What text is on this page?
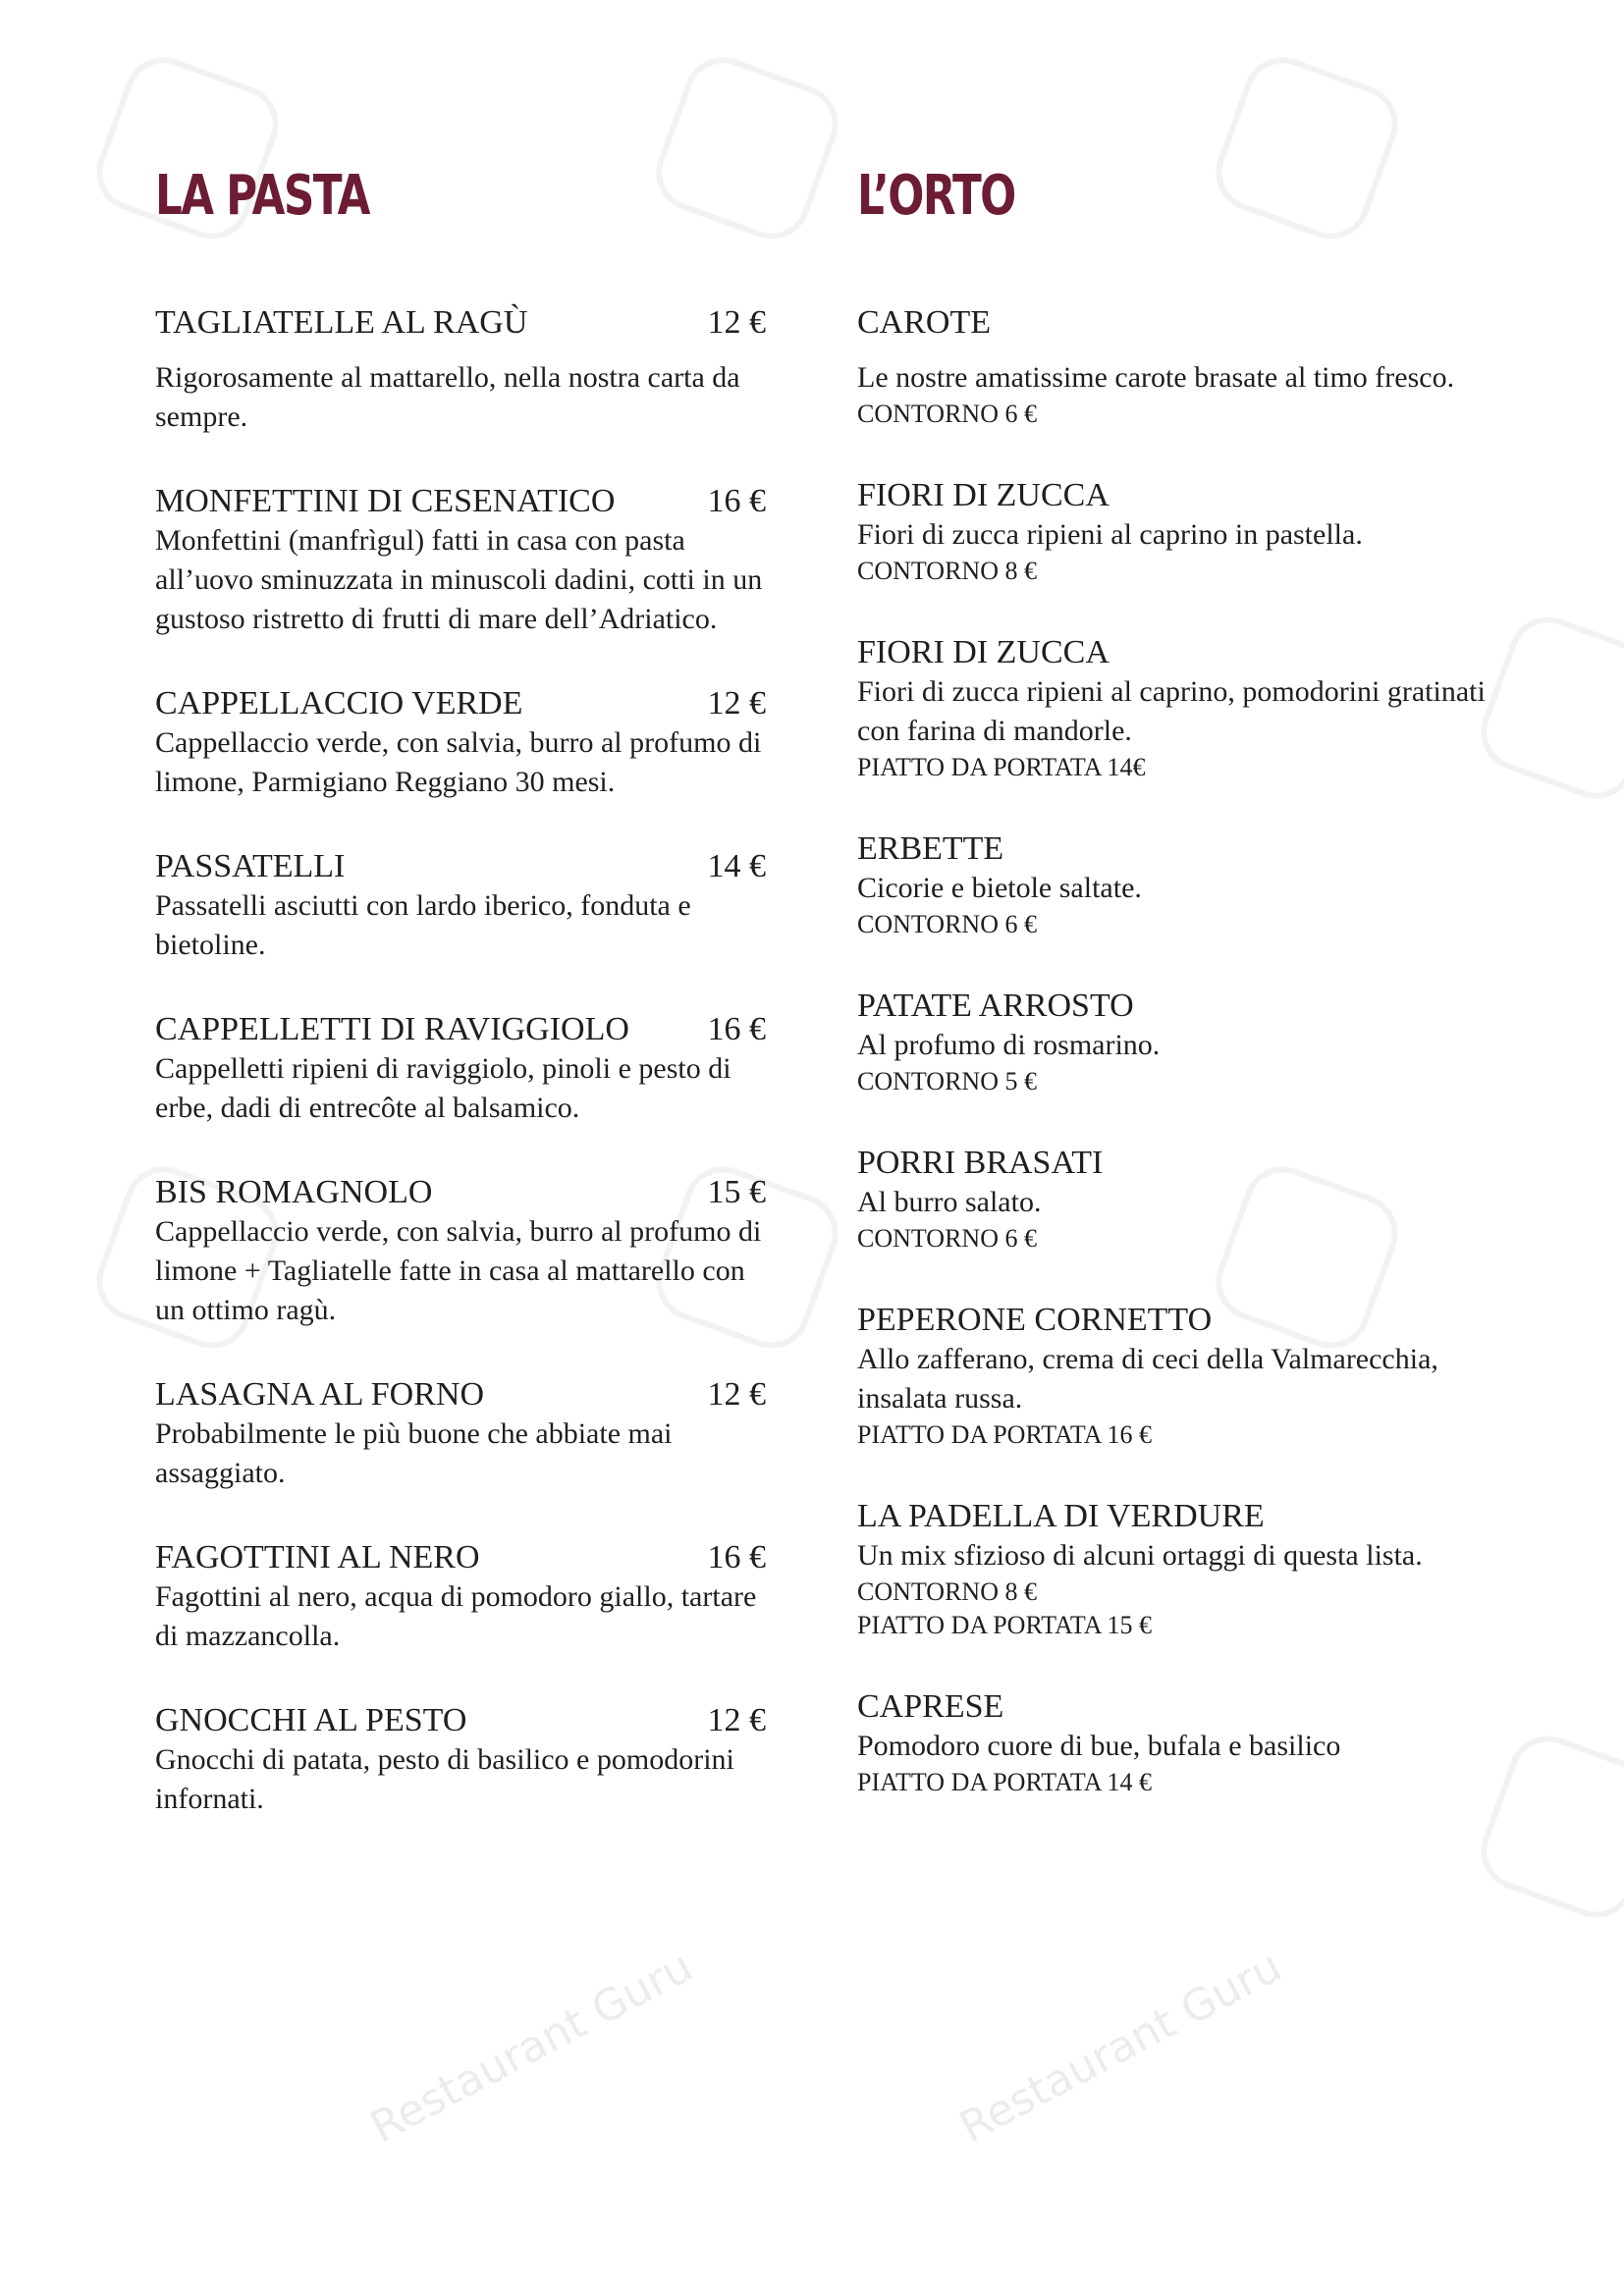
Restaurant Guru	Restaurant Guru
LA PASTA	L’ORTO
TAGLIATELLE AL RAGÙ	12 €
Rigorosamente al mattarello, nella nostra carta da sempre.
MONFETTINI DI CESENATICO	16 €
Monfettini (manfrìgul) fatti in casa con pasta all’uovo sminuzzata in minuscoli dadini, cotti in un gustoso ristretto di frutti di mare dell’Adriatico.
CAPPELLACCIO VERDE	12 €
Cappellaccio verde, con salvia, burro al profumo di limone, Parmigiano Reggiano 30 mesi.
PASSATELLI	14 €
Passatelli asciutti con lardo iberico, fonduta e bietoline.
CAPPELLETTI DI RAVIGGIOLO	16 €
Cappelletti ripieni di raviggiolo, pinoli e pesto di erbe, dadi di entrecôte al balsamico.
BIS ROMAGNOLO	15 €
Cappellaccio verde, con salvia, burro al profumo di limone + Tagliatelle fatte in casa al mattarello con un ottimo ragù.
LASAGNA AL FORNO	12 €
Probabilmente le più buone che abbiate mai assaggiato.
FAGOTTINI AL NERO	16 €
Fagottini al nero, acqua di pomodoro giallo, tartare di mazzancolla.
GNOCCHI AL PESTO	12 €
Gnocchi di patata, pesto di basilico e pomodorini infornati.
CAROTE
Le nostre amatissime carote brasate al timo fresco.
CONTORNO 6 €
FIORI DI ZUCCA
Fiori di zucca ripieni al caprino in pastella.
CONTORNO 8 €
FIORI DI ZUCCA
Fiori di zucca ripieni al caprino, pomodorini gratinati con farina di mandorle.
PIATTO DA PORTATA 14€
ERBETTE
Cicorie e bietole saltate.
CONTORNO 6 €
PATATE ARROSTO
Al profumo di rosmarino.
CONTORNO 5 €
PORRI BRASATI
Al burro salato.
CONTORNO 6 €
PEPERONE CORNETTO
Allo zafferano, crema di ceci della Valmarecchia, insalata russa.
PIATTO DA PORTATA 16 €
LA PADELLA DI VERDURE
Un mix sfizioso di alcuni ortaggi di questa lista.
CONTORNO 8 €
PIATTO DA PORTATA 15 €
CAPRESE
Pomodoro cuore di bue, bufala e basilico
PIATTO DA PORTATA 14 €
